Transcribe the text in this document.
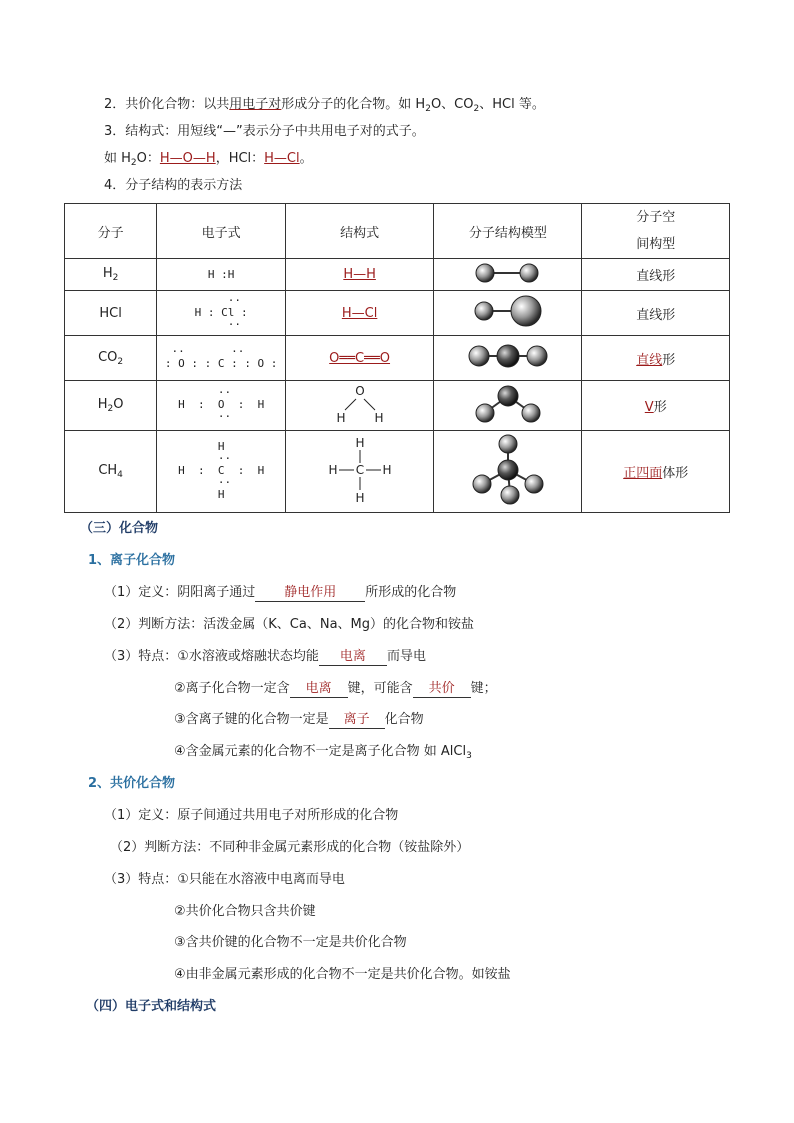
2．共价化合物：以共用电子对形成分子的化合物。如 $H_2O$、$CO_2$、HCl 等。
3．结构式：用短线“—”表示分子中共用电子对的式子。
如 $H_2O$：H—O—H，HCl：H—Cl。
4．分子结构的表示方法
分子	电子式	结构式	分子结构模型	分子空
间构型
$H_2$	H :H	H—H		直线形
HCl	··
H : Cl :
··	H—Cl		直线形
$CO_2$	··       ··
: O : : C : : O :	O══C══O		直线形
$H_2O$	··
H  :  O  :  H
··	O
H H		V形
$CH_4$	H
··
H  :  C  :  H
··
H	H
H C H
H		正四面体形
（三）化合物
1、离子化合物
（1）定义：阴阳离子通过 静电作用 所形成的化合物
（2）判断方法：活泼金属（K、Ca、Na、Mg）的化合物和铵盐
（3）特点：①水溶液或熔融状态均能 电离 而导电
②离子化合物一定含 电离 键，可能含 共价 键；
③含离子键的化合物一定是 离子 化合物
④含金属元素的化合物不一定是离子化合物 如 AlCl$_3$
2、共价化合物
（1）定义：原子间通过共用电子对所形成的化合物
（2）判断方法：不同种非金属元素形成的化合物（铵盐除外）
（3）特点：①只能在水溶液中电离而导电
②共价化合物只含共价键
③含共价键的化合物不一定是共价化合物
④由非金属元素形成的化合物不一定是共价化合物。如铵盐
（四）电子式和结构式
